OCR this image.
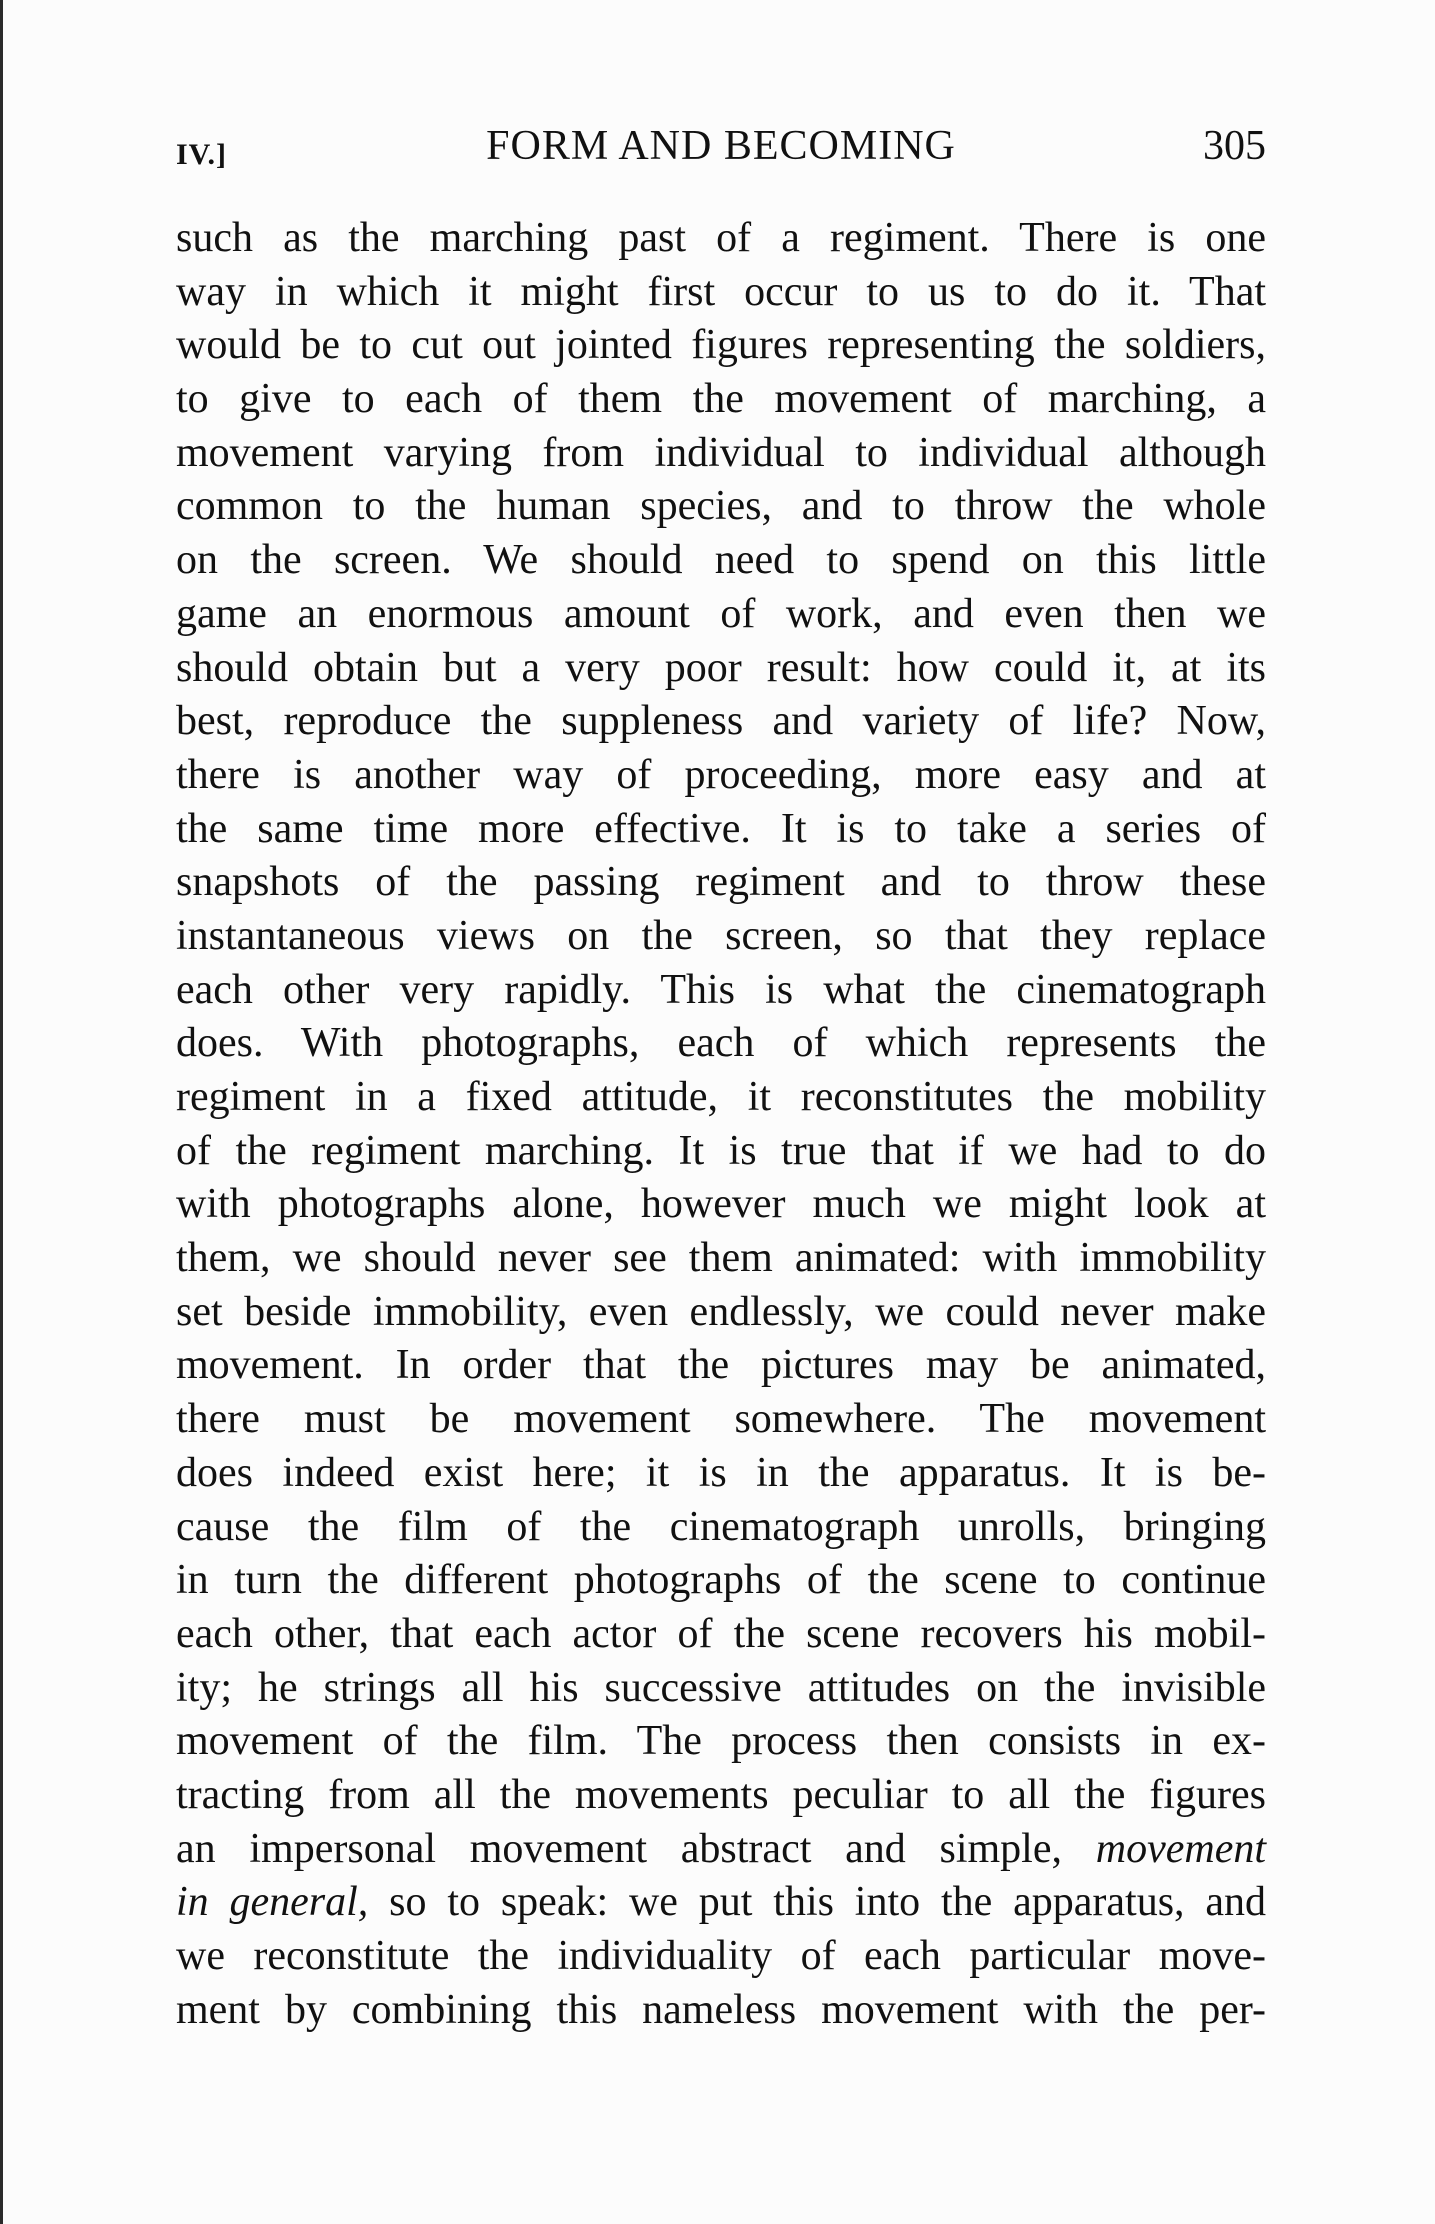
IV.]	FORM AND BECOMING	305
such as the marching past of a regiment. There is one
way in which it might first occur to us to do it. That
would be to cut out jointed figures representing the soldiers,
to give to each of them the movement of marching, a
movement varying from individual to individual although
common to the human species, and to throw the whole
on the screen. We should need to spend on this little
game an enormous amount of work, and even then we
should obtain but a very poor result: how could it, at its
best, reproduce the suppleness and variety of life? Now,
there is another way of proceeding, more easy and at
the same time more effective. It is to take a series of
snapshots of the passing regiment and to throw these
instantaneous views on the screen, so that they replace
each other very rapidly. This is what the cinematograph
does. With photographs, each of which represents the
regiment in a fixed attitude, it reconstitutes the mobility
of the regiment marching. It is true that if we had to do
with photographs alone, however much we might look at
them, we should never see them animated: with immobility
set beside immobility, even endlessly, we could never make
movement. In order that the pictures may be animated,
there must be movement somewhere. The movement
does indeed exist here; it is in the apparatus. It is be-
cause the film of the cinematograph unrolls, bringing
in turn the different photographs of the scene to continue
each other, that each actor of the scene recovers his mobil-
ity; he strings all his successive attitudes on the invisible
movement of the film. The process then consists in ex-
tracting from all the movements peculiar to all the figures
an impersonal movement abstract and simple, movement
in general, so to speak: we put this into the apparatus, and
we reconstitute the individuality of each particular move-
ment by combining this nameless movement with the per-
